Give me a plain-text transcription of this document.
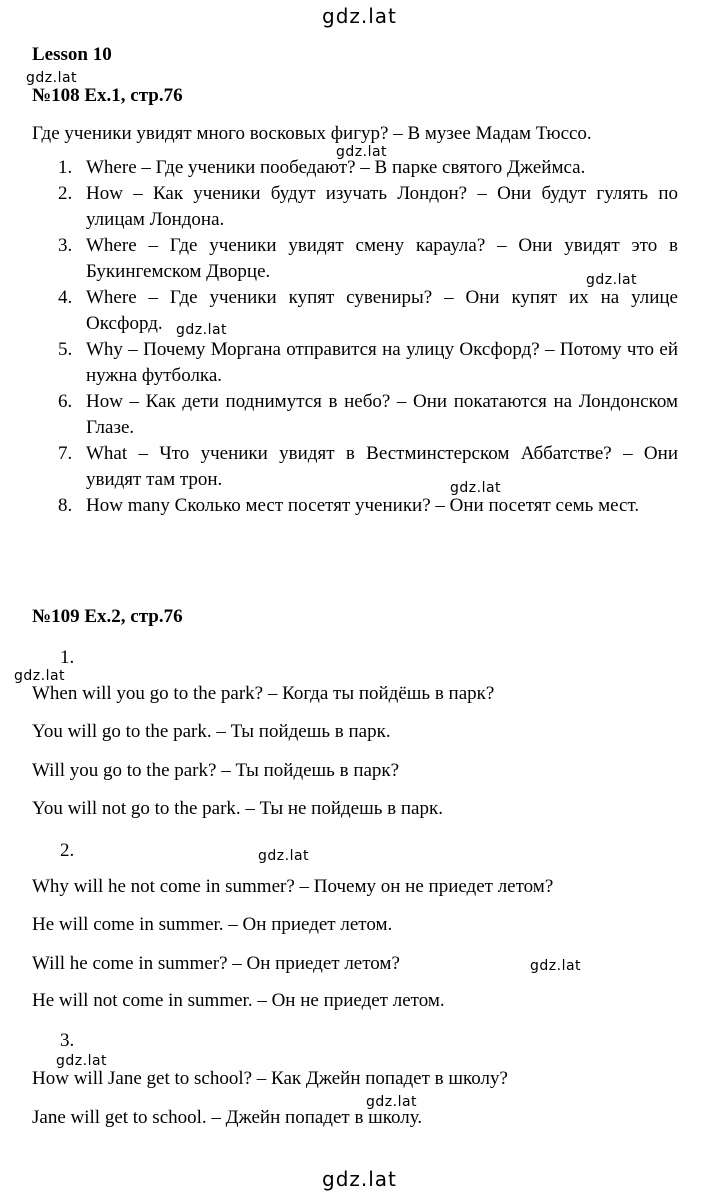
gdz.lat
gdz.lat
gdz.lat
gdz.lat
gdz.lat
gdz.lat
gdz.lat
gdz.lat
gdz.lat
gdz.lat
gdz.lat
gdz.lat
Lesson 10
№108 Ex.1, стр.76
Где ученики увидят много восковых фигур? – В музее Мадам Тюссо.
1. Where – Где ученики пообедают? – В парке святого Джеймса.
2. How – Как ученики будут изучать Лондон? – Они будут гулять по улицам Лондона.
3. Where – Где ученики увидят смену караула? – Они увидят это в Букингемском Дворце.
4. Where – Где ученики купят сувениры? – Они купят их на улице Оксфорд.
5. Why – Почему Моргана отправится на улицу Оксфорд? – Потому что ей нужна футболка.
6. How – Как дети поднимутся в небо? – Они покатаются на Лондонском Глазе.
7. What – Что ученики увидят в Вестминстерском Аббатстве? – Они увидят там трон.
8. How many Сколько мест посетят ученики? – Они посетят семь мест.
№109 Ex.2, стр.76
1.
When will you go to the park? – Когда ты пойдёшь в парк?
You will go to the park. – Ты пойдешь в парк.
Will you go to the park? – Ты пойдешь в парк?
You will not go to the park. – Ты не пойдешь в парк.
2.
Why will he not come in summer? – Почему он не приедет летом?
He will come in summer. – Он приедет летом.
Will he come in summer? – Он приедет летом?
He will not come in summer. – Он не приедет летом.
3.
How will Jane get to school? – Как Джейн попадет в школу?
Jane will get to school. – Джейн попадет в школу.
